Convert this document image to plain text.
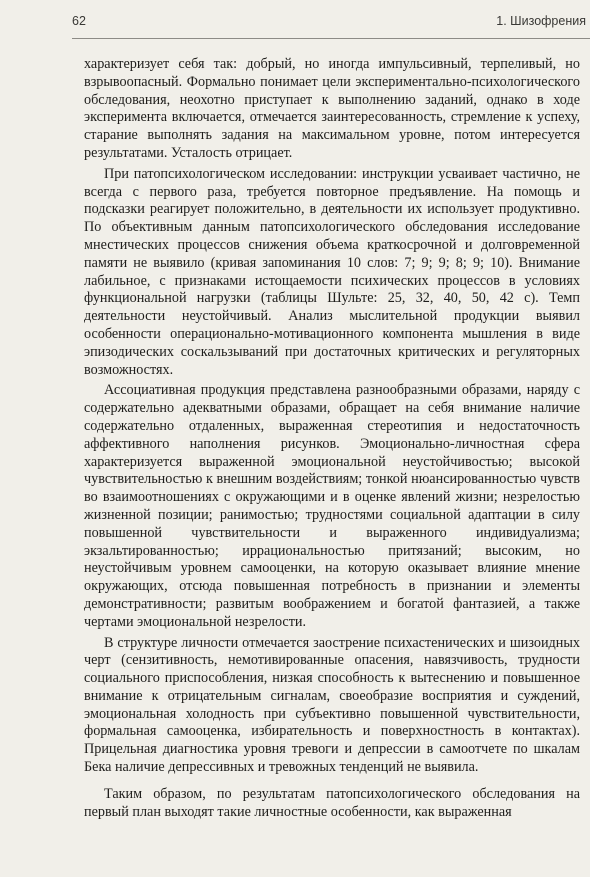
62	1. Шизофрения

характеризует себя так: добрый, но иногда импульсивный, терпеливый, но взрывоопасный. Формально понимает цели экспериментально-психологического обследования, неохотно приступает к выполнению заданий, однако в ходе эксперимента включается, отмечается заинтересованность, стремление к успеху, старание выполнять задания на максимальном уровне, потом интересуется результатами. Усталость отрицает.

При патопсихологическом исследовании: инструкции усваивает частично, не всегда с первого раза, требуется повторное предъявление. На помощь и подсказки реагирует положительно, в деятельности их использует продуктивно. По объективным данным патопсихологического обследования исследование мнестических процессов снижения объема краткосрочной и долговременной памяти не выявило (кривая запоминания 10 слов: 7; 9; 9; 8; 9; 10). Внимание лабильное, с признаками истощаемости психических процессов в условиях функциональной нагрузки (таблицы Шульте: 25, 32, 40, 50, 42 с). Темп деятельности неустойчивый. Анализ мыслительной продукции выявил особенности операционально-мотивационного компонента мышления в виде эпизодических соскальзываний при достаточных критических и регуляторных возможностях.

Ассоциативная продукция представлена разнообразными образами, наряду с содержательно адекватными образами, обращает на себя внимание наличие содержательно отдаленных, выраженная стереотипия и недостаточность аффективного наполнения рисунков. Эмоционально-личностная сфера характеризуется выраженной эмоциональной неустойчивостью; высокой чувствительностью к внешним воздействиям; тонкой нюансированностью чувств во взаимоотношениях с окружающими и в оценке явлений жизни; незрелостью жизненной позиции; ранимостью; трудностями социальной адаптации в силу повышенной чувствительности и выраженного индивидуализма; экзальтированностью; иррациональностью притязаний; высоким, но неустойчивым уровнем самооценки, на которую оказывает влияние мнение окружающих, отсюда повышенная потребность в признании и элементы демонстративности; развитым воображением и богатой фантазией, а также чертами эмоциональной незрелости.

В структуре личности отмечается заострение психастенических и шизоидных черт (сензитивность, немотивированные опасения, навязчивость, трудности социального приспособления, низкая способность к вытеснению и повышенное внимание к отрицательным сигналам, своеобразие восприятия и суждений, эмоциональная холодность при субъективно повышенной чувствительности, формальная самооценка, избирательность и поверхностность в контактах). Прицельная диагностика уровня тревоги и депрессии в самоотчете по шкалам Бека наличие депрессивных и тревожных тенденций не выявила.

Таким образом, по результатам патопсихологического обследования на первый план выходят такие личностные особенности, как выраженная
